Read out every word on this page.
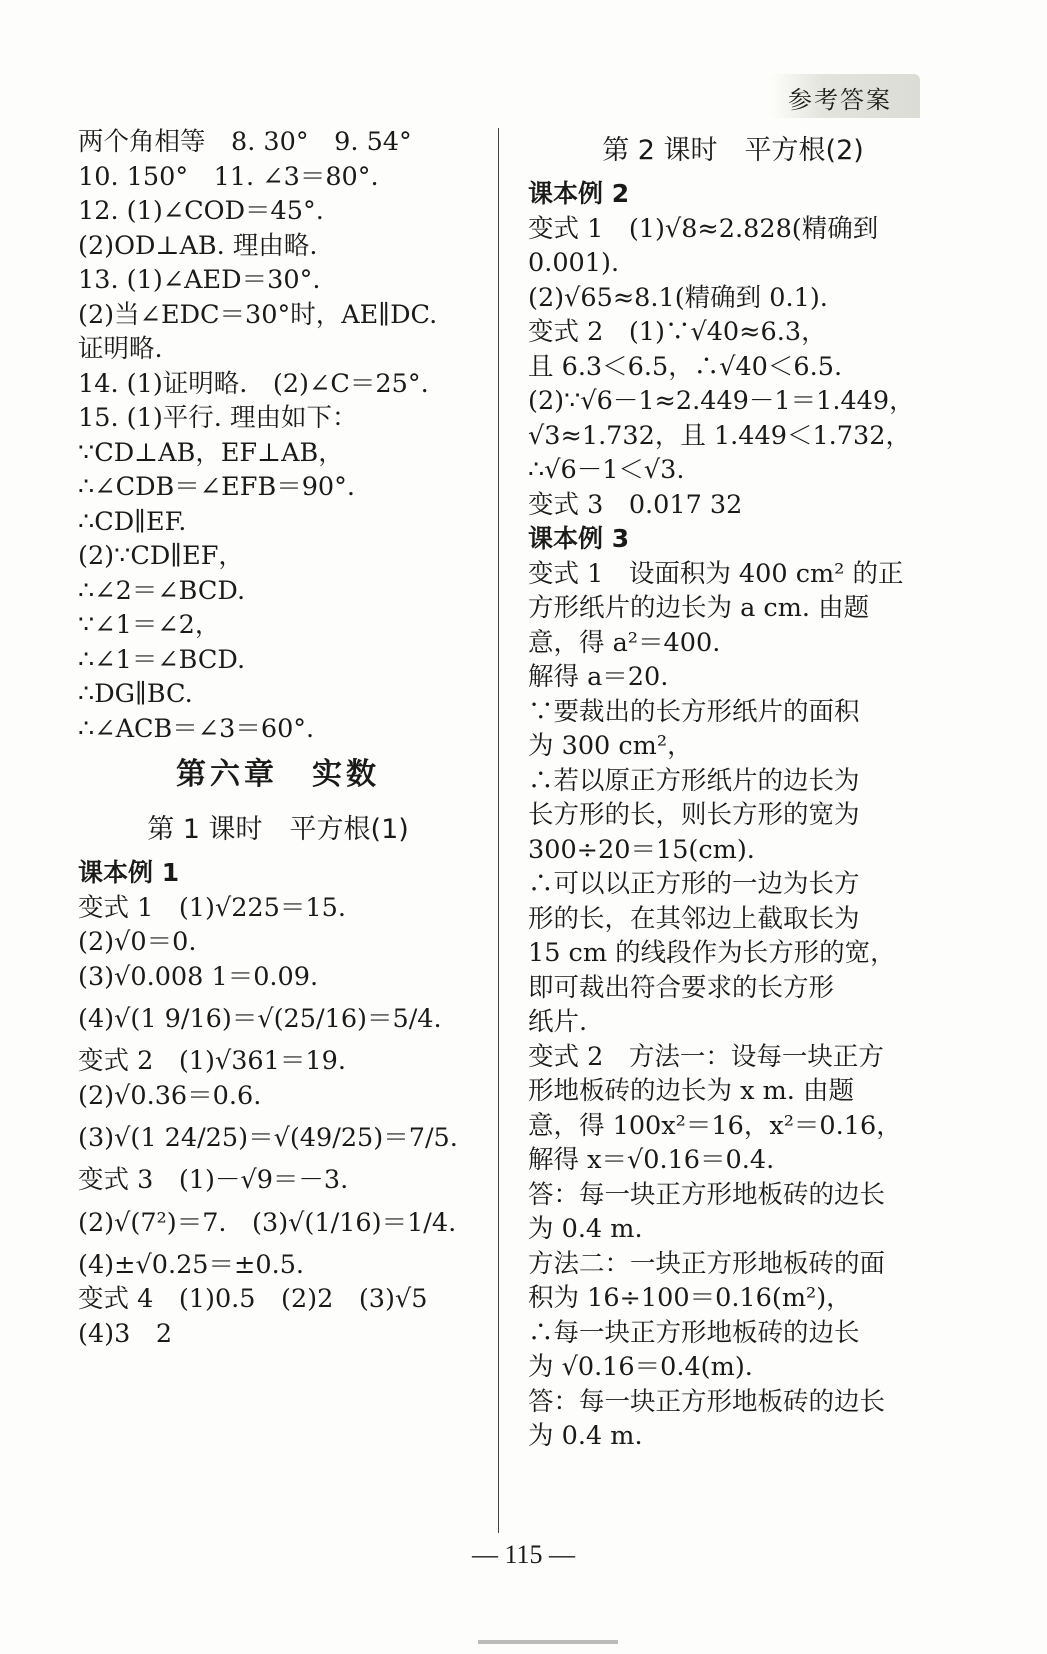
参考答案
两个角相等　8. 30°　9. 54°
10. 150°　11. ∠3＝80°.
12. (1)∠COD＝45°.
(2)OD⊥AB. 理由略.
13. (1)∠AED＝30°.
(2)当∠EDC＝30°时，AE∥DC.
证明略.
14. (1)证明略.　(2)∠C＝25°.
15. (1)平行. 理由如下：
∵CD⊥AB，EF⊥AB，
∴∠CDB＝∠EFB＝90°.
∴CD∥EF.
(2)∵CD∥EF，
∴∠2＝∠BCD.
∵∠1＝∠2，
∴∠1＝∠BCD.
∴DG∥BC.
∴∠ACB＝∠3＝60°.
第六章　实数
第 1 课时　平方根(1)
课本例 1
变式 1　(1)√225＝15.
(2)√0＝0.
(3)√0.008 1＝0.09.
(4)√(1 9/16)＝√(25/16)＝5/4.
变式 2　(1)√361＝19.
(2)√0.36＝0.6.
(3)√(1 24/25)＝√(49/25)＝7/5.
变式 3　(1)－√9＝－3.
(2)√(7²)＝7.　(3)√(1/16)＝1/4.
(4)±√0.25＝±0.5.
变式 4　(1)0.5　(2)2　(3)√5
(4)3　2
第 2 课时　平方根(2)
课本例 2
变式 1　(1)√8≈2.828(精确到
0.001).
(2)√65≈8.1(精确到 0.1).
变式 2　(1)∵√40≈6.3，
且 6.3＜6.5，∴√40＜6.5.
(2)∵√6－1≈2.449－1＝1.449，
√3≈1.732，且 1.449＜1.732，
∴√6－1＜√3.
变式 3　0.017 32
课本例 3
变式 1　设面积为 400 cm² 的正
方形纸片的边长为 a cm. 由题
意，得 a²＝400.
解得 a＝20.
∵要裁出的长方形纸片的面积
为 300 cm²，
∴若以原正方形纸片的边长为
长方形的长，则长方形的宽为
300÷20＝15(cm).
∴可以以正方形的一边为长方
形的长，在其邻边上截取长为
15 cm 的线段作为长方形的宽，
即可裁出符合要求的长方形
纸片.
变式 2　方法一：设每一块正方
形地板砖的边长为 x m. 由题
意，得 100x²＝16，x²＝0.16，
解得 x＝√0.16＝0.4.
答：每一块正方形地板砖的边长
为 0.4 m.
方法二：一块正方形地板砖的面
积为 16÷100＝0.16(m²)，
∴每一块正方形地板砖的边长
为 √0.16＝0.4(m).
答：每一块正方形地板砖的边长
为 0.4 m.
— 115 —
